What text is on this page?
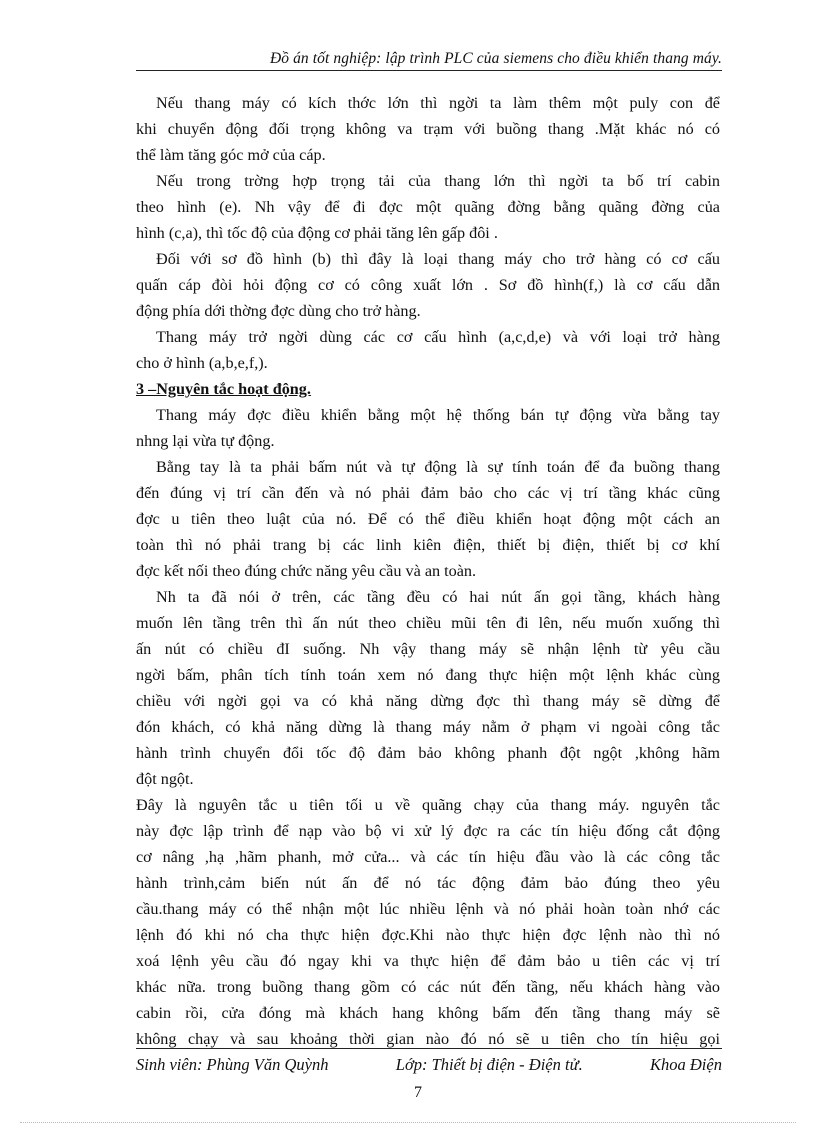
Đồ án tốt nghiệp: lập trình PLC của siemens cho điều khiển thang máy.

Nếu thang máy có kích thớc lớn thì ngời ta làm thêm một puly con để

khi chuyển động đối trọng không va trạm với buồng thang .Mặt khác nó có

thể làm tăng góc mở của cáp.

Nếu trong trờng hợp trọng tải của thang lớn thì ngời ta bố trí cabin

theo hình (e). Nh vậy để đi đợc một quãng đờng bằng quãng đờng của

hình (c,a), thì tốc độ của động cơ phải tăng lên gấp đôi .

Đối với sơ đồ hình (b) thì đây là loại thang máy cho trở hàng có cơ cấu

quấn cáp đòi hỏi động cơ có công xuất lớn . Sơ đồ hình(f,) là cơ cấu dẫn

động phía dới thờng đợc dùng cho trở hàng.

Thang máy trở ngời dùng các cơ cấu hình (a,c,d,e) và với loại trở hàng

cho ở hình (a,b,e,f,).

3 –Nguyên tắc hoạt động.

Thang máy đợc điều khiển bằng một hệ thống bán tự động vừa bằng tay

nhng lại vừa tự động.

Bằng tay là ta phải bấm nút và tự động là sự tính toán để đa buồng thang

đến đúng vị trí cần đến và nó phải đảm bảo cho các vị trí tầng khác cũng

đợc u tiên theo luật của nó. Để có thể điều khiển hoạt động một cách an

toàn thì nó phải trang bị các linh kiên điện, thiết bị điện, thiết bị cơ khí

đợc kết nối theo đúng chức năng yêu cầu và an toàn.

Nh ta đã nói ở trên, các tầng đều có hai nút ấn gọi tầng, khách hàng

muốn lên tầng trên thì ấn nút theo chiều mũi tên đi lên, nếu muốn xuống thì

ấn nút có chiều đI suống. Nh vậy thang máy sẽ nhận lệnh từ yêu cầu

ngời bấm, phân tích tính toán xem nó đang thực hiện một lệnh khác cùng

chiều với ngời gọi va có khả năng dừng đợc thì thang máy sẽ dừng để

đón khách, có khả năng dừng là thang máy nằm ở phạm vi ngoài công tắc

hành trình chuyển đổi tốc độ đảm bảo không phanh đột ngột ,không hãm

đột ngột.

Đây là nguyên tắc u tiên tối u về quãng chạy của thang máy. nguyên tắc

này đợc lập trình để nạp vào bộ vi xử lý đợc ra các tín hiệu đống cắt động

cơ nâng ,hạ ,hãm phanh, mở cửa... và các tín hiệu đầu vào là các công tắc

hành trình,cảm biến nút ấn để nó tác động đảm bảo đúng theo yêu

cầu.thang máy có thể nhận một lúc nhiều lệnh và nó phải hoàn toàn nhớ các

lệnh đó khi nó cha thực hiện đợc.Khi nào thực hiện đợc lệnh nào thì nó

xoá lệnh yêu cầu đó ngay khi va thực hiện để đảm bảo u tiên các vị trí

khác nữa. trong buồng thang gồm có các nút đến tầng, nếu khách hàng vào

cabin rồi, cửa đóng mà khách hang không bấm đến tầng thang máy sẽ

không chạy và sau khoảng thời gian nào đó nó sẽ u tiên cho tín hiệu gọi

Sinh viên: Phùng Văn Quỳnh	Lớp: Thiết bị điện - Điện tử.	Khoa Điện
7
